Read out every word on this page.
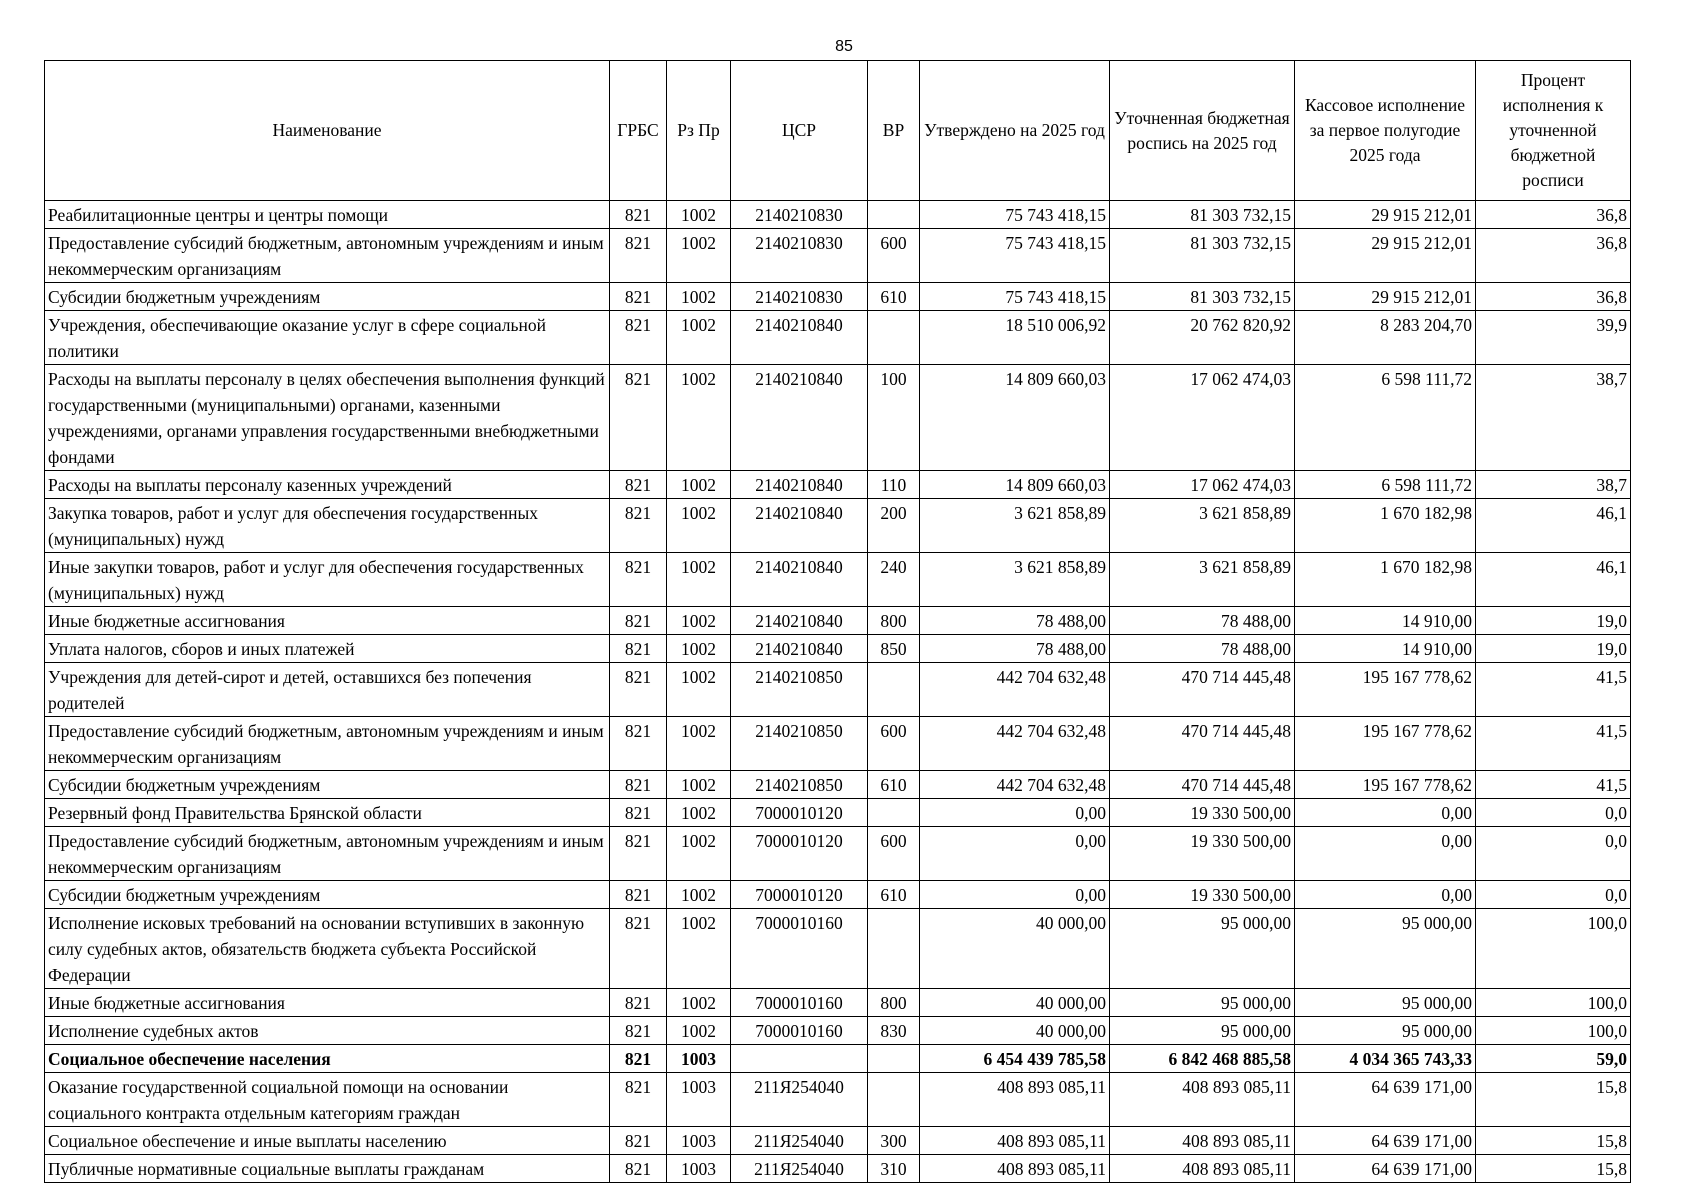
85
Наименование	ГРБС	Рз Пр	ЦСР	ВР	Утверждено на 2025 год	Уточненная бюджетная роспись на 2025 год	Кассовое исполнение за первое полугодие 2025 года	Процент исполнения к уточненной бюджетной росписи
Реабилитационные центры и центры помощи	821	1002	2140210830		75 743 418,15	81 303 732,15	29 915 212,01	36,8
Предоставление субсидий бюджетным, автономным учреждениям и иным некоммерческим организациям	821	1002	2140210830	600	75 743 418,15	81 303 732,15	29 915 212,01	36,8
Субсидии бюджетным учреждениям	821	1002	2140210830	610	75 743 418,15	81 303 732,15	29 915 212,01	36,8
Учреждения, обеспечивающие оказание услуг в сфере социальной политики	821	1002	2140210840		18 510 006,92	20 762 820,92	8 283 204,70	39,9
Расходы на выплаты персоналу в целях обеспечения выполнения функций государственными (муниципальными) органами, казенными учреждениями, органами управления государственными внебюджетными фондами	821	1002	2140210840	100	14 809 660,03	17 062 474,03	6 598 111,72	38,7
Расходы на выплаты персоналу казенных учреждений	821	1002	2140210840	110	14 809 660,03	17 062 474,03	6 598 111,72	38,7
Закупка товаров, работ и услуг для обеспечения государственных (муниципальных) нужд	821	1002	2140210840	200	3 621 858,89	3 621 858,89	1 670 182,98	46,1
Иные закупки товаров, работ и услуг для обеспечения государственных (муниципальных) нужд	821	1002	2140210840	240	3 621 858,89	3 621 858,89	1 670 182,98	46,1
Иные бюджетные ассигнования	821	1002	2140210840	800	78 488,00	78 488,00	14 910,00	19,0
Уплата налогов, сборов и иных платежей	821	1002	2140210840	850	78 488,00	78 488,00	14 910,00	19,0
Учреждения для детей-сирот и детей, оставшихся без попечения родителей	821	1002	2140210850		442 704 632,48	470 714 445,48	195 167 778,62	41,5
Предоставление субсидий бюджетным, автономным учреждениям и иным некоммерческим организациям	821	1002	2140210850	600	442 704 632,48	470 714 445,48	195 167 778,62	41,5
Субсидии бюджетным учреждениям	821	1002	2140210850	610	442 704 632,48	470 714 445,48	195 167 778,62	41,5
Резервный фонд Правительства Брянской области	821	1002	7000010120		0,00	19 330 500,00	0,00	0,0
Предоставление субсидий бюджетным, автономным учреждениям и иным некоммерческим организациям	821	1002	7000010120	600	0,00	19 330 500,00	0,00	0,0
Субсидии бюджетным учреждениям	821	1002	7000010120	610	0,00	19 330 500,00	0,00	0,0
Исполнение исковых требований на основании вступивших в законную силу судебных актов, обязательств бюджета субъекта Российской Федерации	821	1002	7000010160		40 000,00	95 000,00	95 000,00	100,0
Иные бюджетные ассигнования	821	1002	7000010160	800	40 000,00	95 000,00	95 000,00	100,0
Исполнение судебных актов	821	1002	7000010160	830	40 000,00	95 000,00	95 000,00	100,0
Социальное обеспечение населения	821	1003			6 454 439 785,58	6 842 468 885,58	4 034 365 743,33	59,0
Оказание государственной социальной помощи на основании социального контракта отдельным категориям граждан	821	1003	211Я254040		408 893 085,11	408 893 085,11	64 639 171,00	15,8
Социальное обеспечение и иные выплаты населению	821	1003	211Я254040	300	408 893 085,11	408 893 085,11	64 639 171,00	15,8
Публичные нормативные социальные выплаты гражданам	821	1003	211Я254040	310	408 893 085,11	408 893 085,11	64 639 171,00	15,8
